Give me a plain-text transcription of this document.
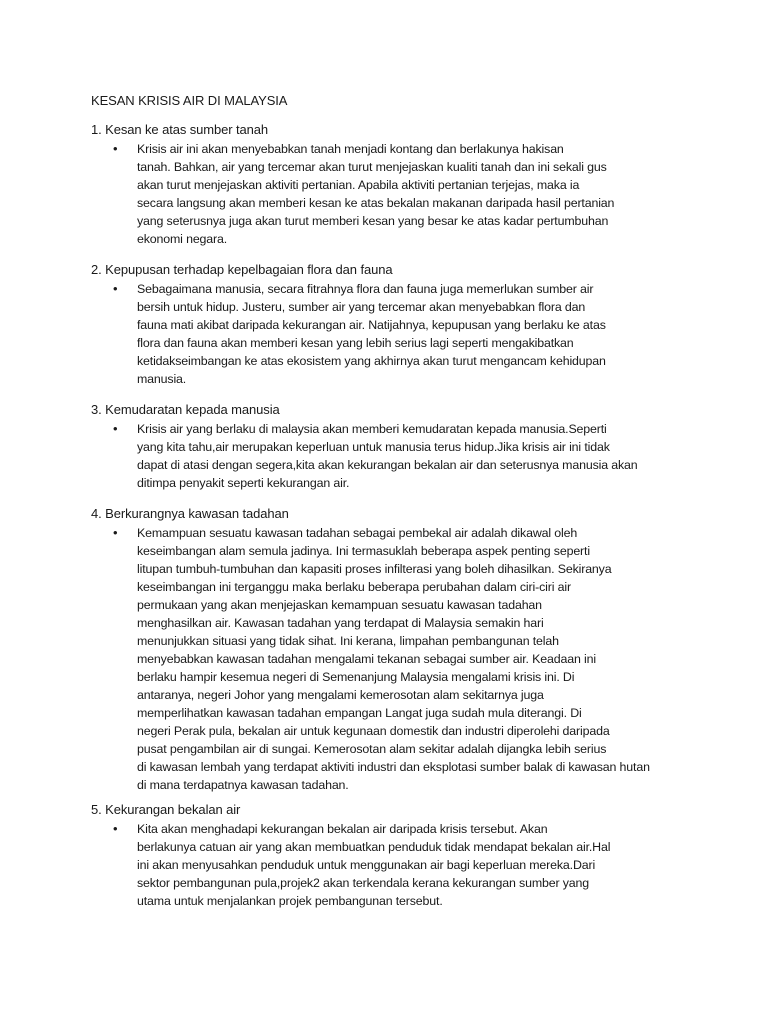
KESAN KRISIS AIR DI MALAYSIA
1. Kesan ke atas sumber tanah
• Krisis air ini akan menyebabkan tanah menjadi kontang dan berlakunya hakisan
tanah. Bahkan, air yang tercemar akan turut menjejaskan kualiti tanah dan ini sekali gus
akan turut menjejaskan aktiviti pertanian. Apabila aktiviti pertanian terjejas, maka ia
secara langsung akan memberi kesan ke atas bekalan makanan daripada hasil pertanian
yang seterusnya juga akan turut memberi kesan yang besar ke atas kadar pertumbuhan
ekonomi negara.
2. Kepupusan terhadap kepelbagaian flora dan fauna
• Sebagaimana manusia, secara fitrahnya flora dan fauna juga memerlukan sumber air
bersih untuk hidup. Justeru, sumber air yang tercemar akan menyebabkan flora dan
fauna mati akibat daripada kekurangan air. Natijahnya, kepupusan yang berlaku ke atas
flora dan fauna akan memberi kesan yang lebih serius lagi seperti mengakibatkan
ketidakseimbangan ke atas ekosistem yang akhirnya akan turut mengancam kehidupan
manusia.
3. Kemudaratan kepada manusia
• Krisis air yang berlaku di malaysia akan memberi kemudaratan kepada manusia.Seperti
yang kita tahu,air merupakan keperluan untuk manusia terus hidup.Jika krisis air ini tidak
dapat di atasi dengan segera,kita akan kekurangan bekalan air dan seterusnya manusia akan
ditimpa penyakit seperti kekurangan air.
4. Berkurangnya kawasan tadahan
• Kemampuan sesuatu kawasan tadahan sebagai pembekal air adalah dikawal oleh
keseimbangan alam semula jadinya. Ini termasuklah beberapa aspek penting seperti
litupan tumbuh-tumbuhan dan kapasiti proses infilterasi yang boleh dihasilkan. Sekiranya
keseimbangan ini terganggu maka berlaku beberapa perubahan dalam ciri-ciri air
permukaan yang akan menjejaskan kemampuan sesuatu kawasan tadahan
menghasilkan air. Kawasan tadahan yang terdapat di Malaysia semakin hari
menunjukkan situasi yang tidak sihat. Ini kerana, limpahan pembangunan telah
menyebabkan kawasan tadahan mengalami tekanan sebagai sumber air. Keadaan ini
berlaku hampir kesemua negeri di Semenanjung Malaysia mengalami krisis ini. Di
antaranya, negeri Johor yang mengalami kemerosotan alam sekitarnya juga
memperlihatkan kawasan tadahan empangan Langat juga sudah mula diterangi. Di
negeri Perak pula, bekalan air untuk kegunaan domestik dan industri diperolehi daripada
pusat pengambilan air di sungai. Kemerosotan alam sekitar adalah dijangka lebih serius
di kawasan lembah yang terdapat aktiviti industri dan eksplotasi sumber balak di kawasan hutan
di mana terdapatnya kawasan tadahan.
5. Kekurangan bekalan air
• Kita akan menghadapi kekurangan bekalan air daripada krisis tersebut. Akan
berlakunya catuan air yang akan membuatkan penduduk tidak mendapat bekalan air.Hal
ini akan menyusahkan penduduk untuk menggunakan air bagi keperluan mereka.Dari
sektor pembangunan pula,projek2 akan terkendala kerana kekurangan sumber yang
utama untuk menjalankan projek pembangunan tersebut.
